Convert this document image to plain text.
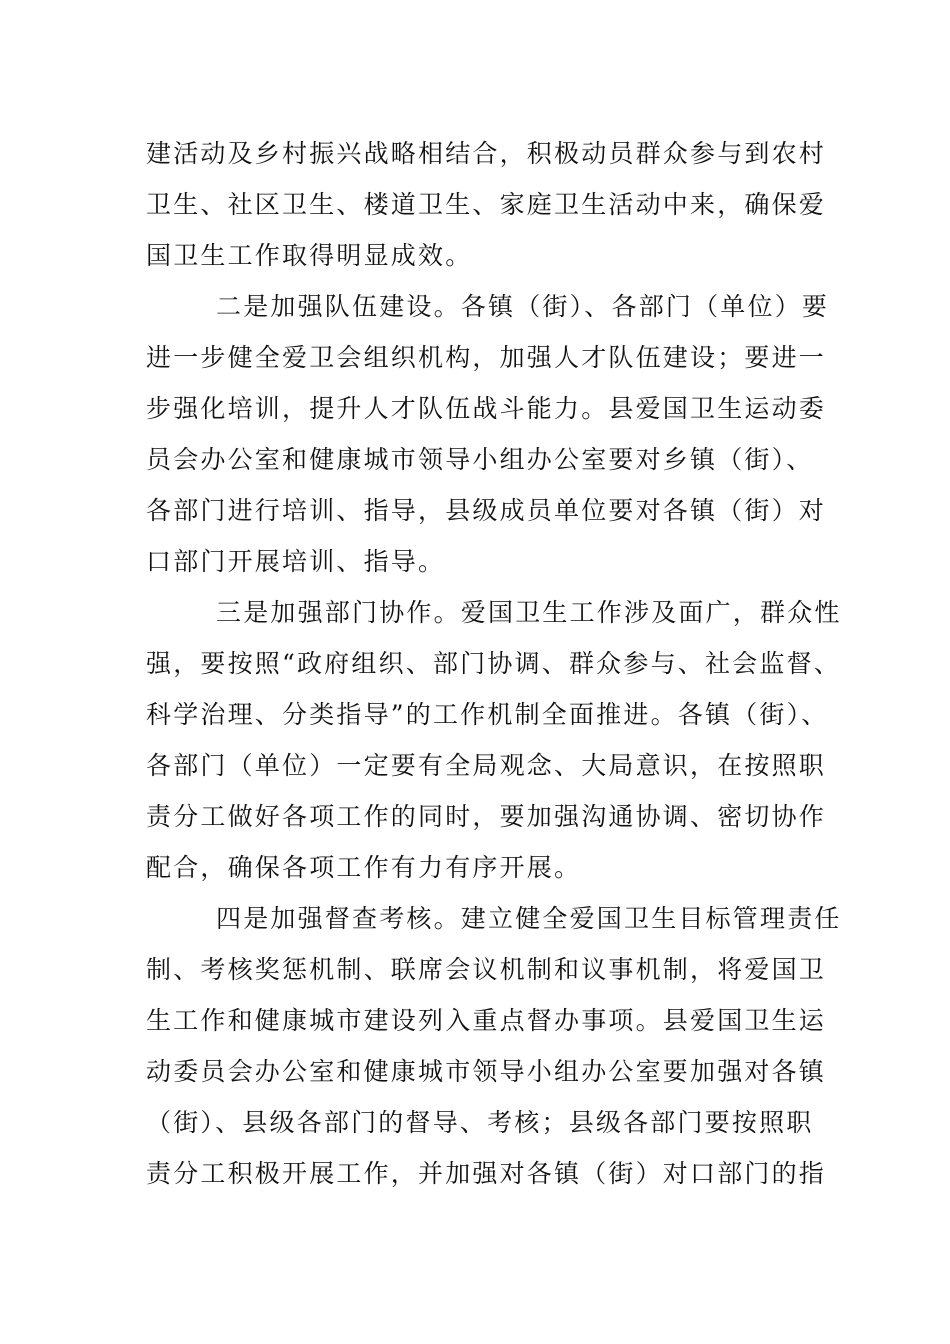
建活动及乡村振兴战略相结合，积极动员群众参与到农村
卫生、社区卫生、楼道卫生、家庭卫生活动中来，确保爱
国卫生工作取得明显成效。
二是加强队伍建设。各镇（街）、各部门（单位）要
进一步健全爱卫会组织机构，加强人才队伍建设；要进一
步强化培训，提升人才队伍战斗能力。县爱国卫生运动委
员会办公室和健康城市领导小组办公室要对乡镇（街）、
各部门进行培训、指导，县级成员单位要对各镇（街）对
口部门开展培训、指导。
三是加强部门协作。爱国卫生工作涉及面广，群众性
强，要按照“政府组织、部门协调、群众参与、社会监督、
科学治理、分类指导”的工作机制全面推进。各镇（街）、
各部门（单位）一定要有全局观念、大局意识，在按照职
责分工做好各项工作的同时，要加强沟通协调、密切协作
配合，确保各项工作有力有序开展。
四是加强督查考核。建立健全爱国卫生目标管理责任
制、考核奖惩机制、联席会议机制和议事机制，将爱国卫
生工作和健康城市建设列入重点督办事项。县爱国卫生运
动委员会办公室和健康城市领导小组办公室要加强对各镇
（街）、县级各部门的督导、考核；县级各部门要按照职
责分工积极开展工作，并加强对各镇（街）对口部门的指
